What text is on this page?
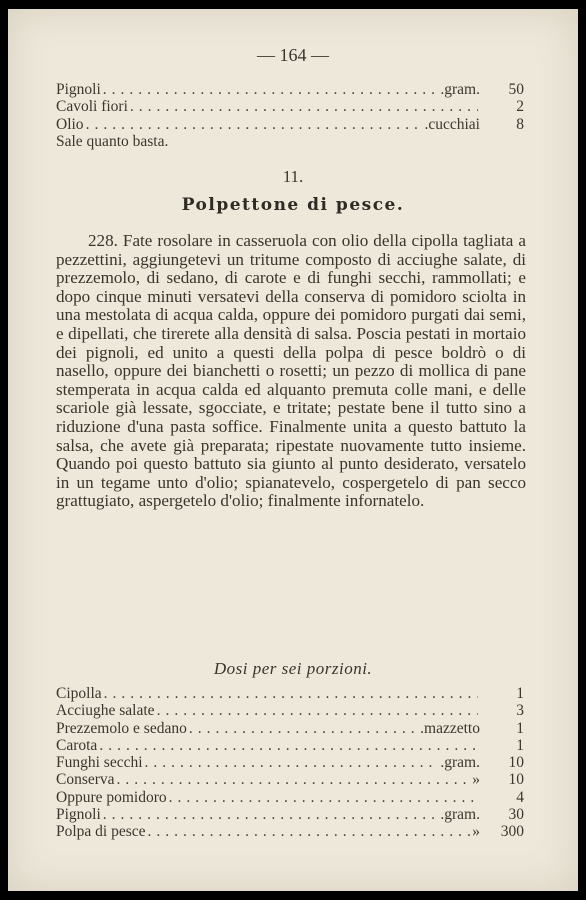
— 164 —
Pignoli .....	.gram.	50
Cavoli fiori .....	2
Olio .....	.cucchiai	8
Sale quanto basta.
11.
Polpettone di pesce.

228. Fate rosolare in casseruola con olio della cipolla tagliata a pezzettini, aggiungetevi un tritume composto di acciughe salate, di prezzemolo, di sedano, di carote e di funghi secchi, rammollati; e dopo cinque minuti versatevi della conserva di pomidoro sciolta in una mestolata di acqua calda, oppure dei pomidoro purgati dai semi, e dipellati, che tirerete alla densità di salsa. Poscia pestati in mortaio dei pignoli, ed unito a questi della polpa di pesce boldrò o di nasello, oppure dei bianchetti o rosetti; un pezzo di mollica di pane stemperata in acqua calda ed alquanto premuta colle mani, e delle scariole già lessate, sgocciate, e tritate; pestate bene il tutto sino a riduzione d'una pasta soffice. Finalmente unita a questo battuto la salsa, che avete già preparata; ripestate nuovamente tutto insieme. Quando poi questo battuto sia giunto al punto desiderato, versatelo in un tegame unto d'olio; spianatevelo, cospergetelo di pan secco grattugiato, aspergetelo d'olio; finalmente infornatelo.

Dosi per sei porzioni.
Cipolla .....	1
Acciughe salate .....	3
Prezzemolo e sedano .....	.mazzetto	1
Carota .....	1
Funghi secchi .....	.gram.	10
Conserva .....	»	10
Oppure pomidoro .....	4
Pignoli .....	.gram.	30
Polpa di pesce .....	»	300
